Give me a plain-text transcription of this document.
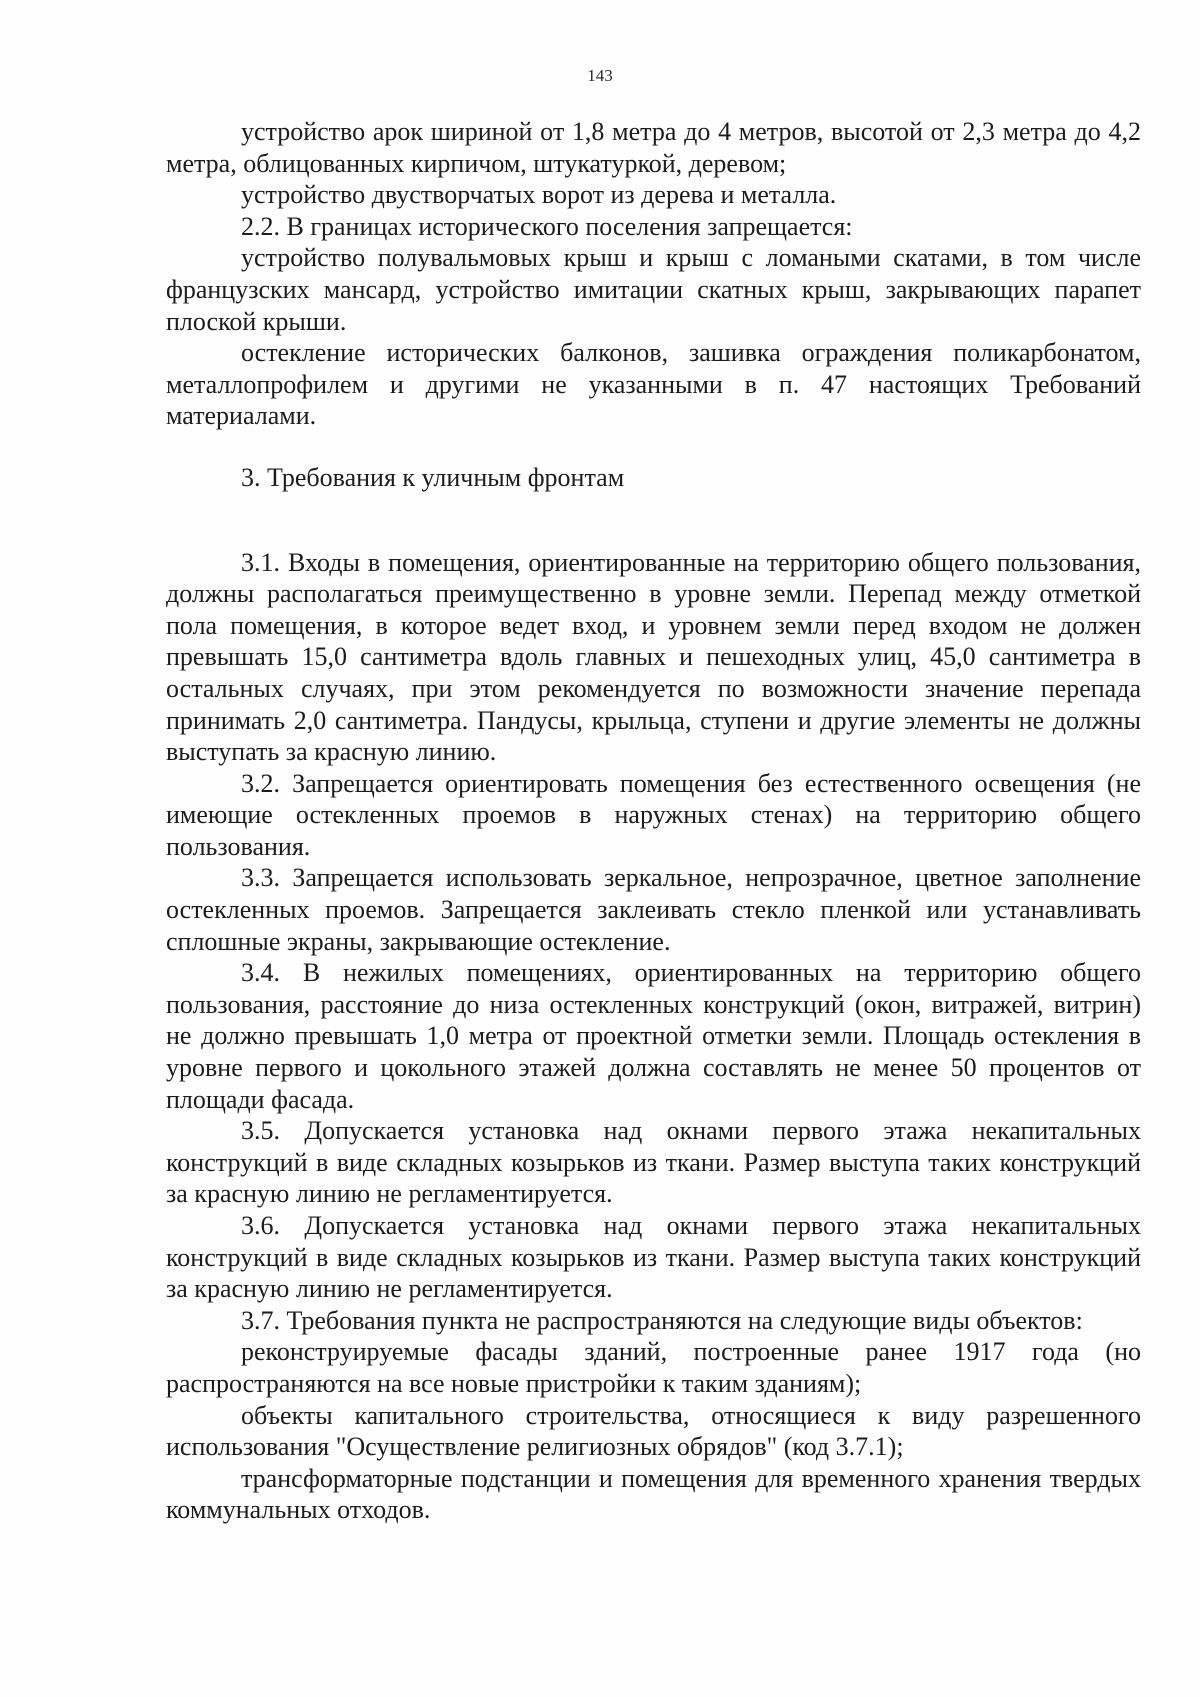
143

устройство арок шириной от 1,8 метра до 4 метров, высотой от 2,3 метра до 4,2 метра, облицованных кирпичом, штукатуркой, деревом;

устройство двустворчатых ворот из дерева и металла.

2.2. В границах исторического поселения запрещается:

устройство полувальмовых крыш и крыш с ломаными скатами, в том числе французских мансард, устройство имитации скатных крыш, закрывающих парапет плоской крыши.

остекление исторических балконов, зашивка ограждения поликарбонатом, металлопрофилем и другими не указанными в п. 47 настоящих Требований материалами.

3. Требования к уличным фронтам

3.1. Входы в помещения, ориентированные на территорию общего пользования, должны располагаться преимущественно в уровне земли. Перепад между отметкой пола помещения, в которое ведет вход, и уровнем земли перед входом не должен превышать 15,0 сантиметра вдоль главных и пешеходных улиц, 45,0 сантиметра в остальных случаях, при этом рекомендуется по возможности значение перепада принимать 2,0 сантиметра. Пандусы, крыльца, ступени и другие элементы не должны выступать за красную линию.

3.2. Запрещается ориентировать помещения без естественного освещения (не имеющие остекленных проемов в наружных стенах) на территорию общего пользования.

3.3. Запрещается использовать зеркальное, непрозрачное, цветное заполнение остекленных проемов. Запрещается заклеивать стекло пленкой или устанавливать сплошные экраны, закрывающие остекление.

3.4. В нежилых помещениях, ориентированных на территорию общего пользования, расстояние до низа остекленных конструкций (окон, витражей, витрин) не должно превышать 1,0 метра от проектной отметки земли. Площадь остекления в уровне первого и цокольного этажей должна составлять не менее 50 процентов от площади фасада.

3.5. Допускается установка над окнами первого этажа некапитальных конструкций в виде складных козырьков из ткани. Размер выступа таких конструкций за красную линию не регламентируется.

3.6. Допускается установка над окнами первого этажа некапитальных конструкций в виде складных козырьков из ткани. Размер выступа таких конструкций за красную линию не регламентируется.

3.7. Требования пункта не распространяются на следующие виды объектов:

реконструируемые фасады зданий, построенные ранее 1917 года (но распространяются на все новые пристройки к таким зданиям);

объекты капитального строительства, относящиеся к виду разрешенного использования "Осуществление религиозных обрядов" (код 3.7.1);

трансформаторные подстанции и помещения для временного хранения твердых коммунальных отходов.
